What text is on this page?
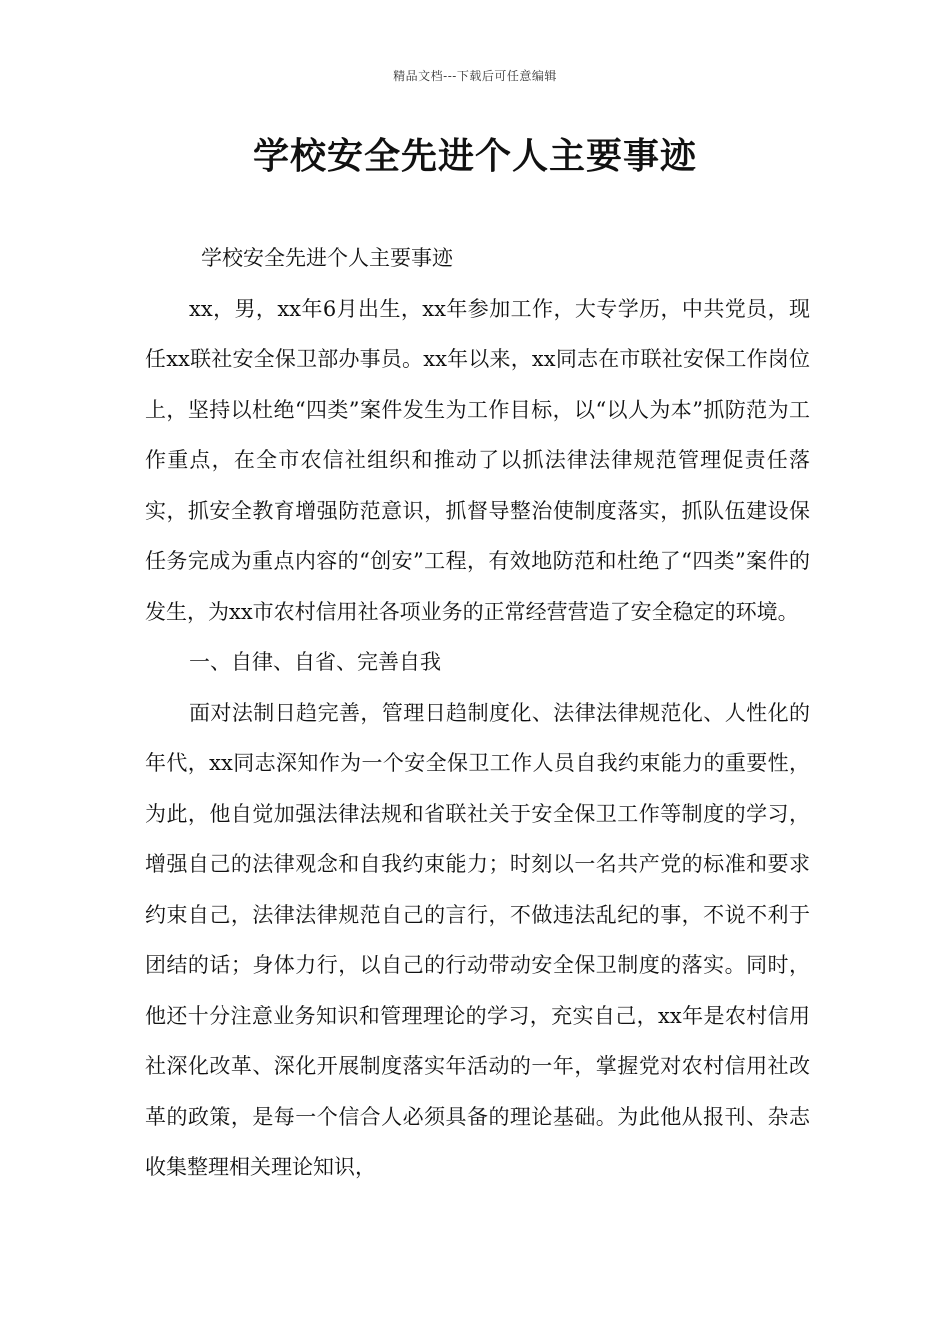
精品文档---下载后可任意编辑
学校安全先进个人主要事迹

学校安全先进个人主要事迹

xx，男，xx年6月出生，xx年参加工作，大专学历，中共党员，现任xx联社安全保卫部办事员。xx年以来，xx同志在市联社安保工作岗位上，坚持以杜绝“四类”案件发生为工作目标，以“以人为本”抓防范为工作重点，在全市农信社组织和推动了以抓法律法律规范管理促责任落实，抓安全教育增强防范意识，抓督导整治使制度落实，抓队伍建设保任务完成为重点内容的“创安”工程，有效地防范和杜绝了“四类”案件的发生，为xx市农村信用社各项业务的正常经营营造了安全稳定的环境。

一、自律、自省、完善自我

面对法制日趋完善，管理日趋制度化、法律法律规范化、人性化的年代，xx同志深知作为一个安全保卫工作人员自我约束能力的重要性，为此，他自觉加强法律法规和省联社关于安全保卫工作等制度的学习，增强自己的法律观念和自我约束能力；时刻以一名共产党的标准和要求约束自己，法律法律规范自己的言行，不做违法乱纪的事，不说不利于团结的话；身体力行，以自己的行动带动安全保卫制度的落实。同时，他还十分注意业务知识和管理理论的学习，充实自己，xx年是农村信用社深化改革、深化开展制度落实年活动的一年，掌握党对农村信用社改革的政策，是每一个信合人必须具备的理论基础。为此他从报刊、杂志收集整理相关理论知识，
